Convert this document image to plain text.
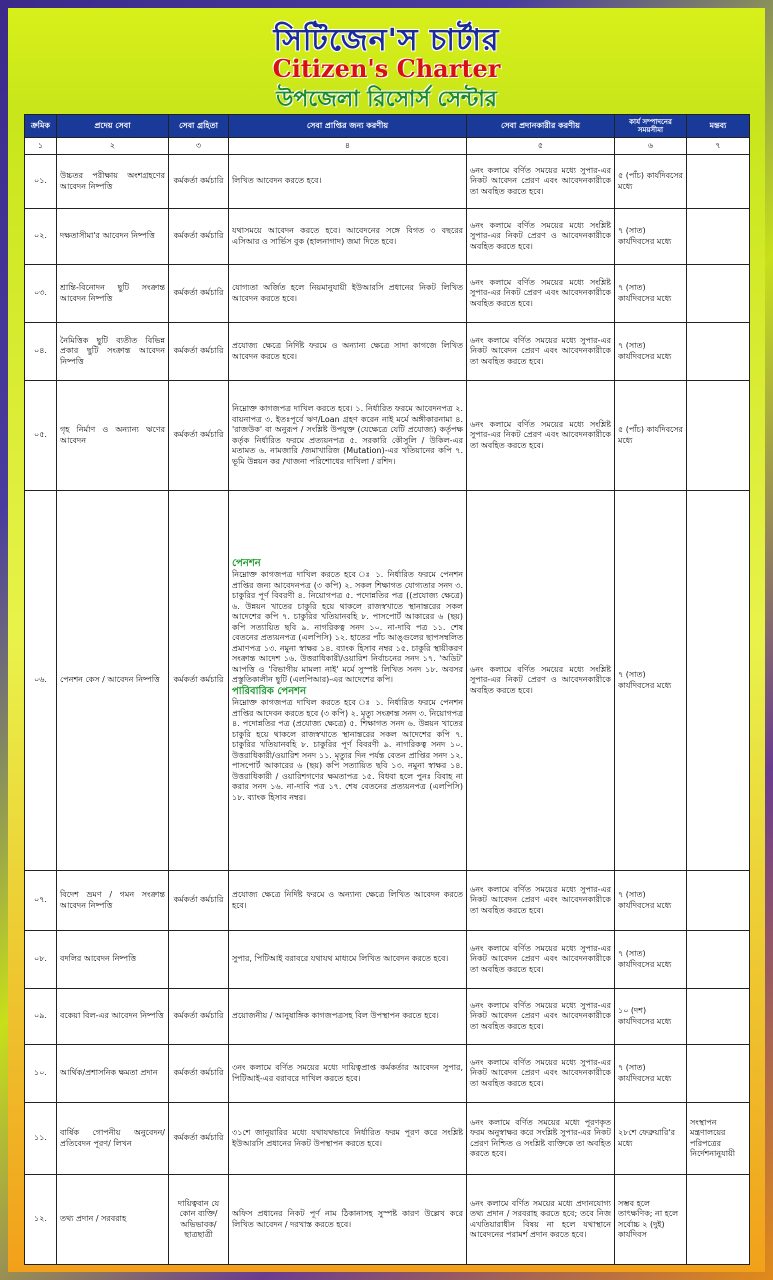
সিটিজেন'স চার্টার
Citizen's Charter
উপজেলা রিসোর্স সেন্টার
ক্রমিক	প্রদেয় সেবা	সেবা গ্রহিতা	সেবা প্রাপ্তির জন্য করণীয়	সেবা প্রদানকারীর করণীয়	কার্য সম্পাদনের সময়সীমা	মন্তব্য
১	২	৩	৪	৫	৬	৭
০১.	উচ্চতর পরীক্ষায় অংশগ্রহণের আবেদন নিষ্পত্তি	কর্মকর্তা কর্মচারি	লিখিত আবেদন করতে হবে।	৬নং কলামে বর্ণিত সময়ের মধ্যে সুপার-এর নিকট আবেদন প্রেরণ এবং আবেদনকারীকে তা অবহিত করতে হবে।	৫ (পাঁচ) কার্যদিবসের মধ্যে	
০২.	দক্ষতাসীমা'র আবেদন নিষ্পত্তি	কর্মকর্তা কর্মচারি	যথাসময়ে আবেদন করতে হবে। আবেদনের সঙ্গে বিগত ৩ বছরের এসিআর ও সার্ভিস বুক (হালনাগাদ) জমা দিতে হবে।	৬নং কলামে বর্ণিত সময়ের মধ্যে সংশ্লিষ্ট সুপার-এর নিকট প্রেরণ ও আবেদনকারীকে অবহিত করতে হবে।	৭ (সাত) কার্যদিবসের মধ্যে	
০৩.	শ্রান্তি-বিনোদন ছুটি সংক্রান্ত আবেদন নিষ্পত্তি	কর্মকর্তা কর্মচারি	যোগ্যতা অর্জিত হলে নিয়মানুযায়ী ইউআরসি প্রধানের নিকট লিখিত আবেদন করতে হবে।	৬নং কলামে বর্ণিত সময়ের মধ্যে সংশ্লিষ্ট সুপার-এর নিকট প্রেরণ এবং আবেদনকারীকে অবহিত করতে হবে।	৭ (সাত) কার্যদিবসের মধ্যে	
০৪.	নৈমিত্তিক ছুটি ব্যতীত বিভিন্ন প্রকার ছুটি সংক্রান্ত আবেদন নিষ্পত্তি	কর্মকর্তা কর্মচারি	প্রযোজ্য ক্ষেত্রে নির্দিষ্ট ফরমে ও অন্যান্য ক্ষেত্রে সাদা কাগজে লিখিত আবেদন করতে হবে।	৬নং কলামে বর্ণিত সময়ের মধ্যে সুপার-এর নিকট আবেদন প্রেরণ এবং আবেদনকারীকে তা অবহিত করতে হবে।	৭ (সাত) কার্যদিবসের মধ্যে	
০৫.	গৃহ নির্মাণ ও অন্যান্য ঋণের আবেদন	কর্মকর্তা কর্মচারি	নিম্নোক্ত কাগজপত্র দাখিল করতে হবে। ১. নির্ধারিত ফরমে আবেদনপত্র ২. বায়নাপত্র ৩. ইতঃপূর্বে ঋণ/Loan গ্রহণ করেন নাই মর্মে অঙ্গীকারনামা ৪. 'রাজউক' বা অনুরূপ / সংশ্লিষ্ট উপযুক্ত (যেক্ষেত্রে যেটি প্রযোজ্য) কর্তৃপক্ষ কর্তৃক নির্ধারিত ফরমে প্রত্যয়নপত্র ৫. সরকারি কৌসুলি / উকিল-এর মতামত ৬. নামজারি /জমাখারিজ (Mutation)-এর খতিয়ানের কপি ৭. ভূমি উন্নয়ন কর /খাজনা পরিশোধের দাখিলা / রশিদ।	৬নং কলামে বর্ণিত সময়ের মধ্যে সংশ্লিষ্ট সুপার-এর নিকট প্রেরণ এবং আবেদনকারীকে তা অবহিত করতে হবে।	৫ (পাঁচ) কার্যদিবসের মধ্যে	
০৬.	পেনশন কেস / আবেদন নিষ্পত্তি	কর্মকর্তা কর্মচারি	পেনশন
নিম্নোক্ত কাগজপত্র দাখিল করতে হবে ঃ ১. নির্ধারিত ফরমে পেনশন প্রাপ্তির জন্য আবেদনপত্র (৩ কপি) ২. সকল শিক্ষাগত যোগ্যতার সনদ ৩. চাকুরির পূর্ণ বিবরণী ৪. নিয়োগপত্র ৫. পদোন্নতির পত্র ((প্রযোজ্য ক্ষেত্রে) ৬. উন্নয়ন খাতের চাকুরি হয়ে থাকলে রাজস্বখাতে স্থানান্তরের সকল আদেশের কপি ৭. চাকুরির খতিয়ানবহি ৮. পাসপোর্ট আকারের ৬ (ছয়) কপি সত্যায়িত ছবি ৯. নাগরিকত্ব সনদ ১০. না-দাবি পত্র ১১. শেষ বেতনের প্রত্যয়নপত্র (এলপিসি) ১২. হাতের পাঁচ আঙ্গুলের ছাপসম্বলিত প্রমাণপত্র ১৩. নমুনা স্বাক্ষর ১৪. ব্যাংক হিসাব নম্বর ১৫. চাকুরি স্থায়ীকরণ সংক্রান্ত আদেশ ১৬. উত্তরাধিকারী/ওয়ারিশ নির্বাচনের সনদ ১৭. 'অডিট' আপত্তি ও 'বিভাগীয় মামলা নাই' মর্মে সুস্পষ্ট লিখিত সনদ ১৮. অবসর প্রস্তুতিকালীন ছুটি (এলপিআর)-এর আদেশের কপি।
পারিবারিক পেনশন
নিম্নোক্ত কাগজপত্র দাখিল করতে হবে ঃ ১. নির্ধারিত ফরমে পেনশন প্রাপ্তির আদেবন করতে হবে (৩ কপি) ২. মৃত্যু সংক্রান্ত সনদ ৩. নিয়োগপত্র ৪. পদোন্নতির পত্র (প্রযোজ্য ক্ষেত্রে) ৫. শিক্ষাগত সনদ ৬. উন্নয়ন খাতের চাকুরি হয়ে থাকলে রাজস্বখাতে স্থানান্তরের সকল আদেশের কপি ৭. চাকুরির খতিয়ানবহি ৮. চাকুরির পূর্ণ বিবরণী ৯. নাগরিকত্ব সনদ ১০. উত্তরাধিকারী/ওয়ারিশ সনদ ১১. মৃত্যুর দিন পর্যন্ত বেতন প্রাপ্তির সনদ ১২. পাসপোর্ট আকারের ৬ (ছয়) কপি সত্যায়িত ছবি ১৩. নমুনা স্বাক্ষর ১৪. উত্তরাধিকারী / ওয়ারিশগণের ক্ষমতাপত্র ১৫. বিধবা হলে পুনঃ বিবাহ না করার সনদ ১৬. না-দাবি পত্র ১৭. শেষ বেতনের প্রত্যয়নপত্র (এলপিসি) ১৮. ব্যাংক হিসাব নম্বর।	৬নং কলামে বর্ণিত সময়ের মধ্যে সংশ্লিষ্ট সুপার-এর নিকট প্রেরণ ও আবেদনকারীকে অবহিত করতে হবে।	৭ (সাত) কার্যদিবসের মধ্যে	
০৭.	বিদেশ ভ্রমণ / গমন সংক্রান্ত আবেদন নিষ্পত্তি	কর্মকর্তা কর্মচারি	প্রযোজ্য ক্ষেত্রে নির্দিষ্ট ফরমে ও অন্যান্য ক্ষেত্রে লিখিত আবেদন করতে হবে।	৬নং কলামে বর্ণিত সময়ের মধ্যে সুপার-এর নিকট আবেদন প্রেরণ এবং আবেদনকারীকে তা অবহিত করতে হবে।	৭ (সাত) কার্যদিবসের মধ্যে	
০৮.	বদলির আবেদন নিষ্পত্তি		সুপার, পিটিআই বরাবরে যথাযথ মাধ্যমে লিখিত আবেদন করতে হবে।	৬নং কলামে বর্ণিত সময়ের মধ্যে সুপার-এর নিকট আবেদন প্রেরণ এবং আবেদনকারীকে তা অবহিত করতে হবে।	৭ (সাত) কার্যদিবসের মধ্যে	
০৯.	বকেয়া বিল-এর আবেদন নিষ্পত্তি	কর্মকর্তা কর্মচারি	প্রয়োজনীয় / আনুষাঙ্গিক কাগজপত্রসহ বিল উপস্থাপন করতে হবে।	৬নং কলামে বর্ণিত সময়ের মধ্যে সুপার-এর নিকট আবেদন প্রেরণ এবং আবেদনকারীকে তা অবহিত করতে হবে।	১০ (দশ) কার্যদিবসের মধ্যে	
১০.	আর্থিক/প্রশাসনিক ক্ষমতা প্রদান	কর্মকর্তা কর্মচারি	৩নং কলামে বর্ণিত সময়ের মধ্যে দায়িত্বপ্রাপ্ত কর্মকর্তার আবেদন সুপার, পিটিআই-এর বরাবরে দাখিল করতে হবে।	৬নং কলামে বর্ণিত সময়ের মধ্যে সুপার-এর নিকট আবেদন প্রেরণ এবং আবেদনকারীকে তা অবহিত করতে হবে।	৭ (সাত) কার্যদিবসের মধ্যে	
১১.	বার্ষিক গোপনীয় অনুবেদন/ প্রতিবেদন পূরণ/ লিখন	কর্মকর্তা কর্মচারি	৩১শে জানুয়ারির মধ্যে যথাযথভাবে নির্ধারিত ফরম পূরণ করে সংশ্লিষ্ট ইউআরসি প্রধানের নিকট উপস্থাপন করতে হবে।	৬নং কলামে বর্ণিত সময়ের মধ্যে পূরণকৃত ফরম অনুস্বাক্ষর করে সংশ্লিষ্ট সুপার-এর নিকট প্রেরণ নিশ্চিত ও সংশ্লিষ্ট ব্যক্তিকে তা অবহিত করতে হবে।	২৮শে ফেব্রুয়ারি'র মধ্যে	সংস্থাপন মন্ত্রণালয়ের পরিপত্রের নির্দেশনানুযায়ী
১২.	তথ্য প্রদান / সরবরাহ	দায়িত্ববান যে কোন ব্যক্তি/ অভিভাবক/ ছাত্রছাত্রী	অফিস প্রধানের নিকট পূর্ণ নাম ঠিকানাসহ সুস্পষ্ট কারণ উল্লেখ করে লিখিত আবেদন / দরখাস্ত করতে হবে।	৬নং কলামে বর্ণিত সময়ের মধ্যে প্রদানযোগ্য তথ্য প্রদান / সরবরাহ করতে হবে; তবে নিজ এখতিয়ারাধীন বিষয় না হলে যথাস্থানে আবেদনের পরামর্শ প্রদান করতে হবে।	সম্ভব হলে তাৎক্ষণিক; না হলে সর্বোচ্চ ২ (দুই) কার্যদিবস	
